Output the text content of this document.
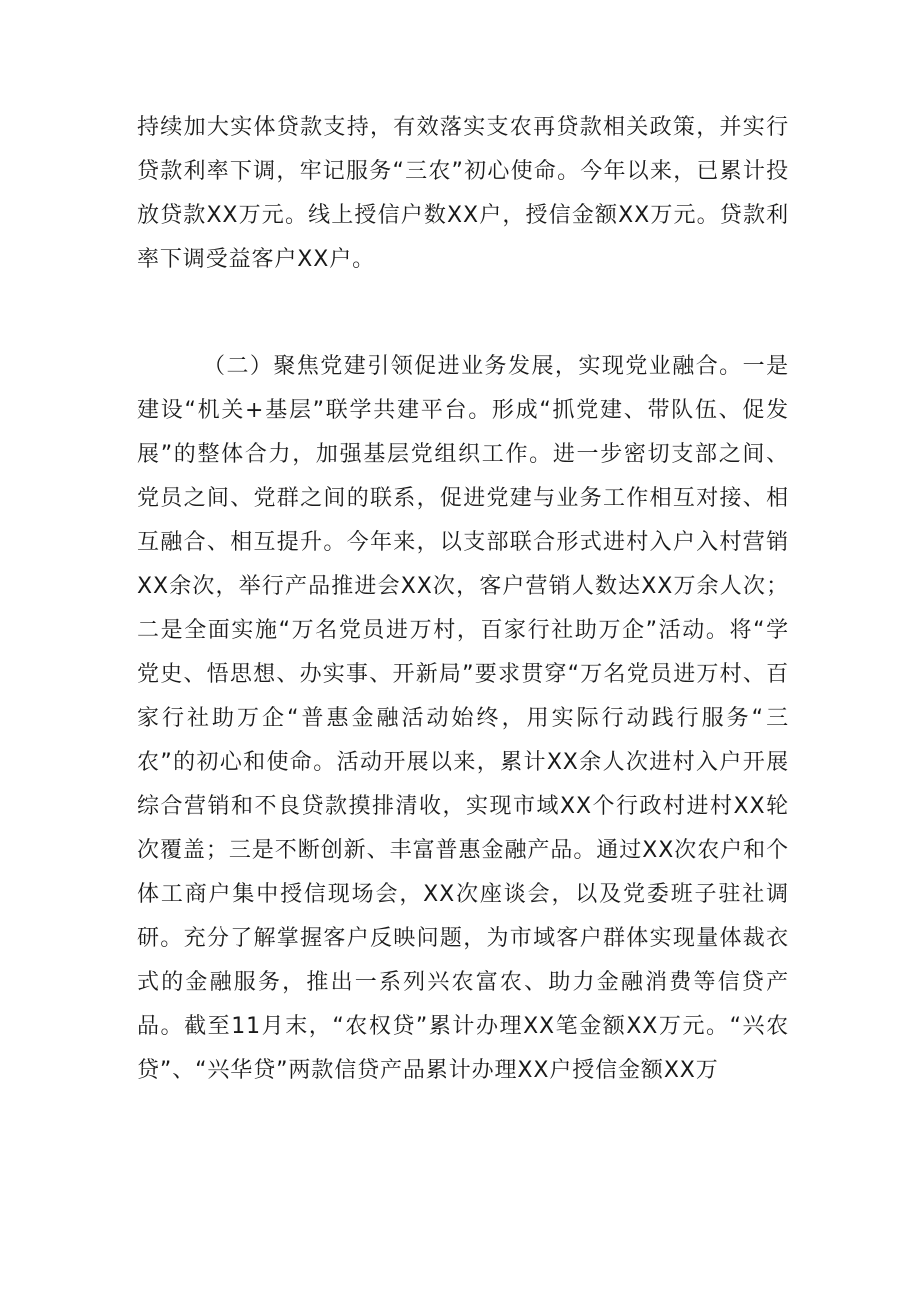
持续加大实体贷款支持，有效落实支农再贷款相关政策，并实行贷款利率下调，牢记服务“三农”初心使命。今年以来，已累计投放贷款XX万元。线上授信户数XX户，授信金额XX万元。贷款利率下调受益客户XX户。

（二）聚焦党建引领促进业务发展，实现党业融合。一是建设“机关+基层”联学共建平台。形成“抓党建、带队伍、促发展”的整体合力，加强基层党组织工作。进一步密切支部之间、党员之间、党群之间的联系，促进党建与业务工作相互对接、相互融合、相互提升。今年来，以支部联合形式进村入户入村营销XX余次，举行产品推进会XX次，客户营销人数达XX万余人次；二是全面实施“万名党员进万村，百家行社助万企”活动。将“学党史、悟思想、办实事、开新局”要求贯穿“万名党员进万村、百家行社助万企“普惠金融活动始终，用实际行动践行服务“三农”的初心和使命。活动开展以来，累计XX余人次进村入户开展综合营销和不良贷款摸排清收，实现市域XX个行政村进村XX轮次覆盖；三是不断创新、丰富普惠金融产品。通过XX次农户和个体工商户集中授信现场会，XX次座谈会，以及党委班子驻社调研。充分了解掌握客户反映问题，为市域客户群体实现量体裁衣式的金融服务，推出一系列兴农富农、助力金融消费等信贷产品。截至11月末，“农权贷”累计办理XX笔金额XX万元。“兴农贷”、“兴华贷”两款信贷产品累计办理XX户授信金额XX万
